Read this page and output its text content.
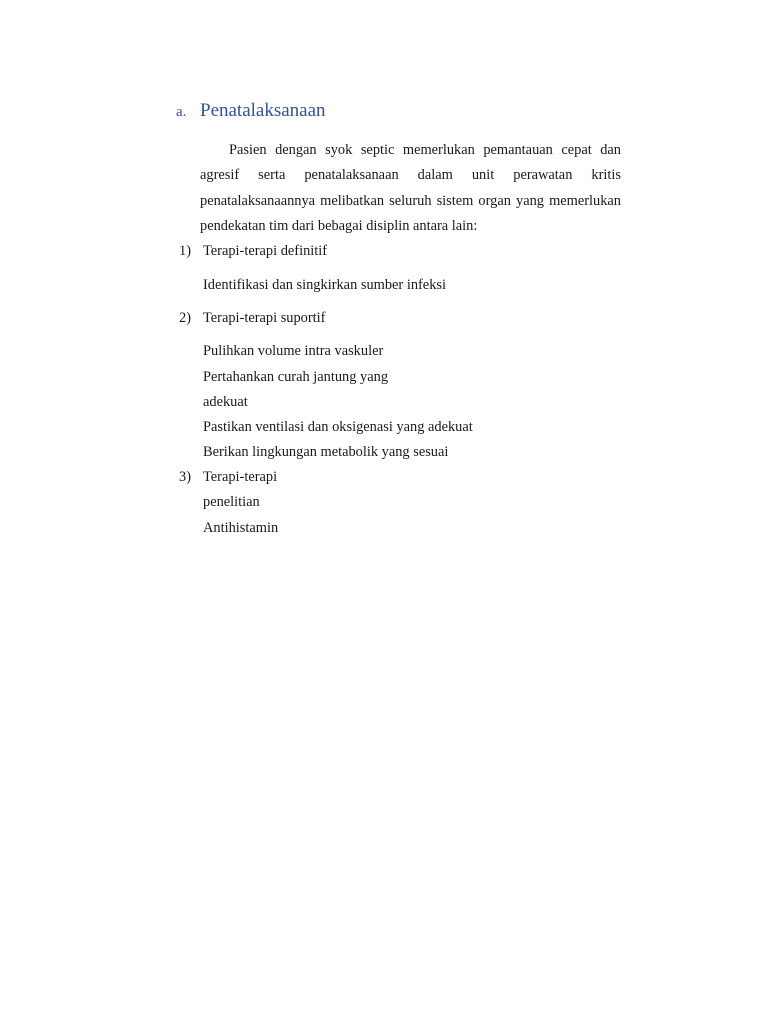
a. Penatalaksanaan

Pasien dengan syok septic memerlukan pemantauan cepat dan agresif serta penatalaksanaan dalam unit perawatan kritis penatalaksanaannya melibatkan seluruh sistem organ yang memerlukan pendekatan tim dari bebagai disiplin antara lain:

1) Terapi-terapi definitif
Identifikasi dan singkirkan sumber infeksi
2) Terapi-terapi suportif
Pulihkan volume intra vaskuler
Pertahankan curah jantung yang
adekuat
Pastikan ventilasi dan oksigenasi yang adekuat
Berikan lingkungan metabolik yang sesuai
3) Terapi-terapi
penelitian
Antihistamin
